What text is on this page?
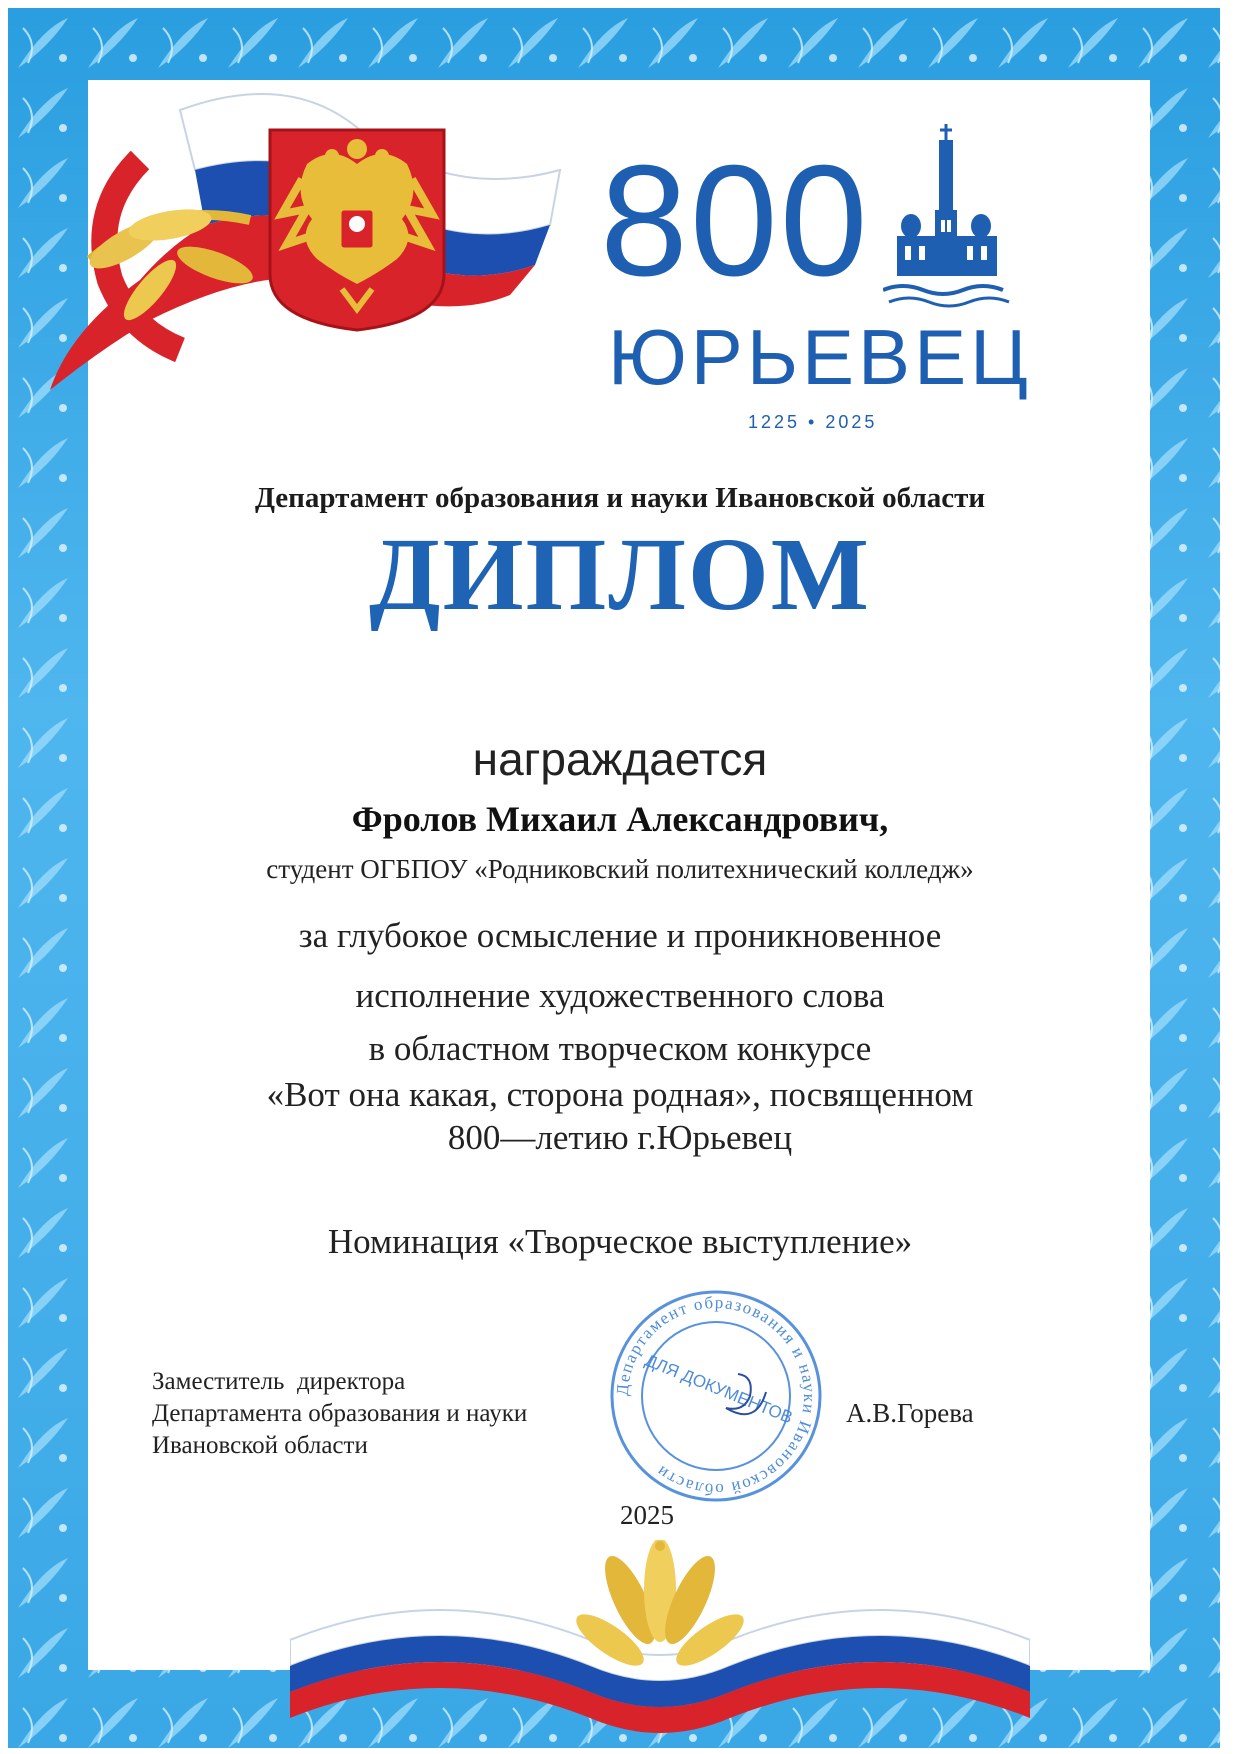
800
ЮРЬЕВЕЦ
1225 • 2025
Департамент образования и науки Ивановской области
ДИПЛОМ
награждается
Фролов Михаил Александрович,
студент ОГБПОУ «Родниковский политехнический колледж»
за глубокое осмысление и проникновенное
исполнение художественного слова
в областном творческом конкурсе
«Вот она какая, сторона родная», посвященном
800—летию г.Юрьевец
Номинация «Творческое выступление»
Заместитель  директора
Департамента образования и науки
Ивановской области
А.В.Горева
Департамент образования и науки Ивановской области
ДЛЯ ДОКУМЕНТОВ
2025
